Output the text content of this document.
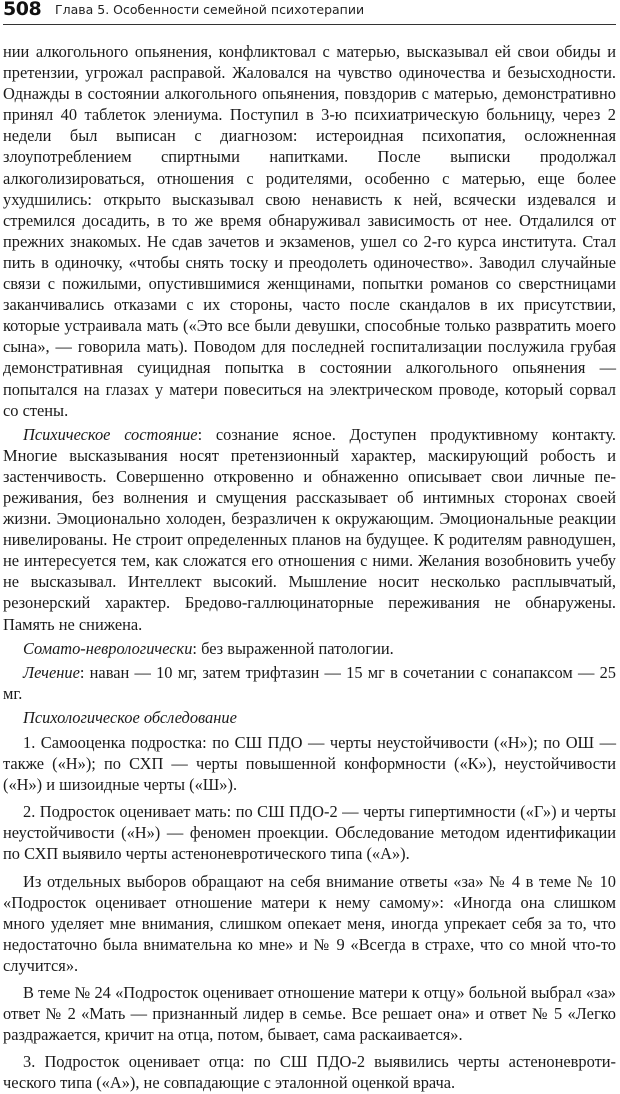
508 Глава 5. Особенности семейной психотерапии

нии алкогольного опьянения, конфликтовал с матерью, высказывал ей свои обиды и претензии, угрожал расправой. Жаловался на чувство одиночества и безысходности. Однажды в состоянии алкогольного опьянения, повздорив с матерью, демонстративно принял 40 таблеток элениума. Поступил в 3-ю психиатрическую больницу, через 2 недели был выписан с диагнозом: истероидная психопатия, осложненная злоупотреблением спиртными напитками. После выписки продолжал алкоголизироваться, отношения с родителями, особенно с матерью, еще более ухудшились: открыто высказывал свою ненависть к ней, всячески издевался и стремился досадить, в то же время обнаруживал зависимость от нее. Отдалился от прежних знакомых. Не сдав зачетов и экзаменов, ушел со 2-го курса института. Стал пить в одиночку, «чтобы снять тоску и преодолеть одиночество». Заводил случайные связи с пожилыми, опустившимися женщинами, попытки романов со сверстницами заканчивались отказами с их стороны, часто после скандалов в их присутствии, которые устраивала мать («Это все были девушки, способные только развратить моего сына», — говорила мать). Поводом для последней госпитализации послужила грубая демонстративная суицидная попытка в состоянии алкогольного опьянения — попытался на глазах у матери повеситься на электрическом проводе, который сорвал со стены.

Психическое состояние: сознание ясное. Доступен продуктивному контакту. Многие высказывания носят претензионный характер, маскирующий робость и застенчивость. Совершенно откровенно и обнаженно описывает свои личные переживания, без волнения и смущения рассказывает об интимных сторонах своей жизни. Эмоционально холоден, безразличен к окружающим. Эмоциональные реакции нивелированы. Не строит определенных планов на будущее. К родителям равнодушен, не интересуется тем, как сложатся его отношения с ними. Желания возобновить учебу не высказывал. Интеллект высокий. Мышление носит несколько расплывчатый, резонерский характер. Бредово-галлюцинаторные переживания не обнаружены. Память не снижена.

Сомато-неврологически: без выраженной патологии.

Лечение: наван — 10 мг, затем трифтазин — 15 мг в сочетании с сонапаксом — 25 мг.

Психологическое обследование

1. Самооценка подростка: по СШ ПДО — черты неустойчивости («Н»); по ОШ — также («Н»); по СХП — черты повышенной конформности («К»), неустойчивости («Н») и шизоидные черты («Ш»).

2. Подросток оценивает мать: по СШ ПДО-2 — черты гипертимности («Г») и черты неустойчивости («Н») — феномен проекции. Обследование методом идентификации по СХП выявило черты астеноневротического типа («А»).

Из отдельных выборов обращают на себя внимание ответы «за» № 4 в теме № 10 «Подросток оценивает отношение матери к нему самому»: «Иногда она слишком много уделяет мне внимания, слишком опекает меня, иногда упрекает себя за то, что недостаточно была внимательна ко мне» и № 9 «Всегда в страхе, что со мной что-то случится».

В теме № 24 «Подросток оценивает отношение матери к отцу» больной выбрал «за» ответ № 2 «Мать — признанный лидер в семье. Все решает она» и ответ № 5 «Легко раздражается, кричит на отца, потом, бывает, сама раскаивается».

3. Подросток оценивает отца: по СШ ПДО-2 выявились черты астеноневротического типа («А»), не совпадающие с эталонной оценкой врача.
